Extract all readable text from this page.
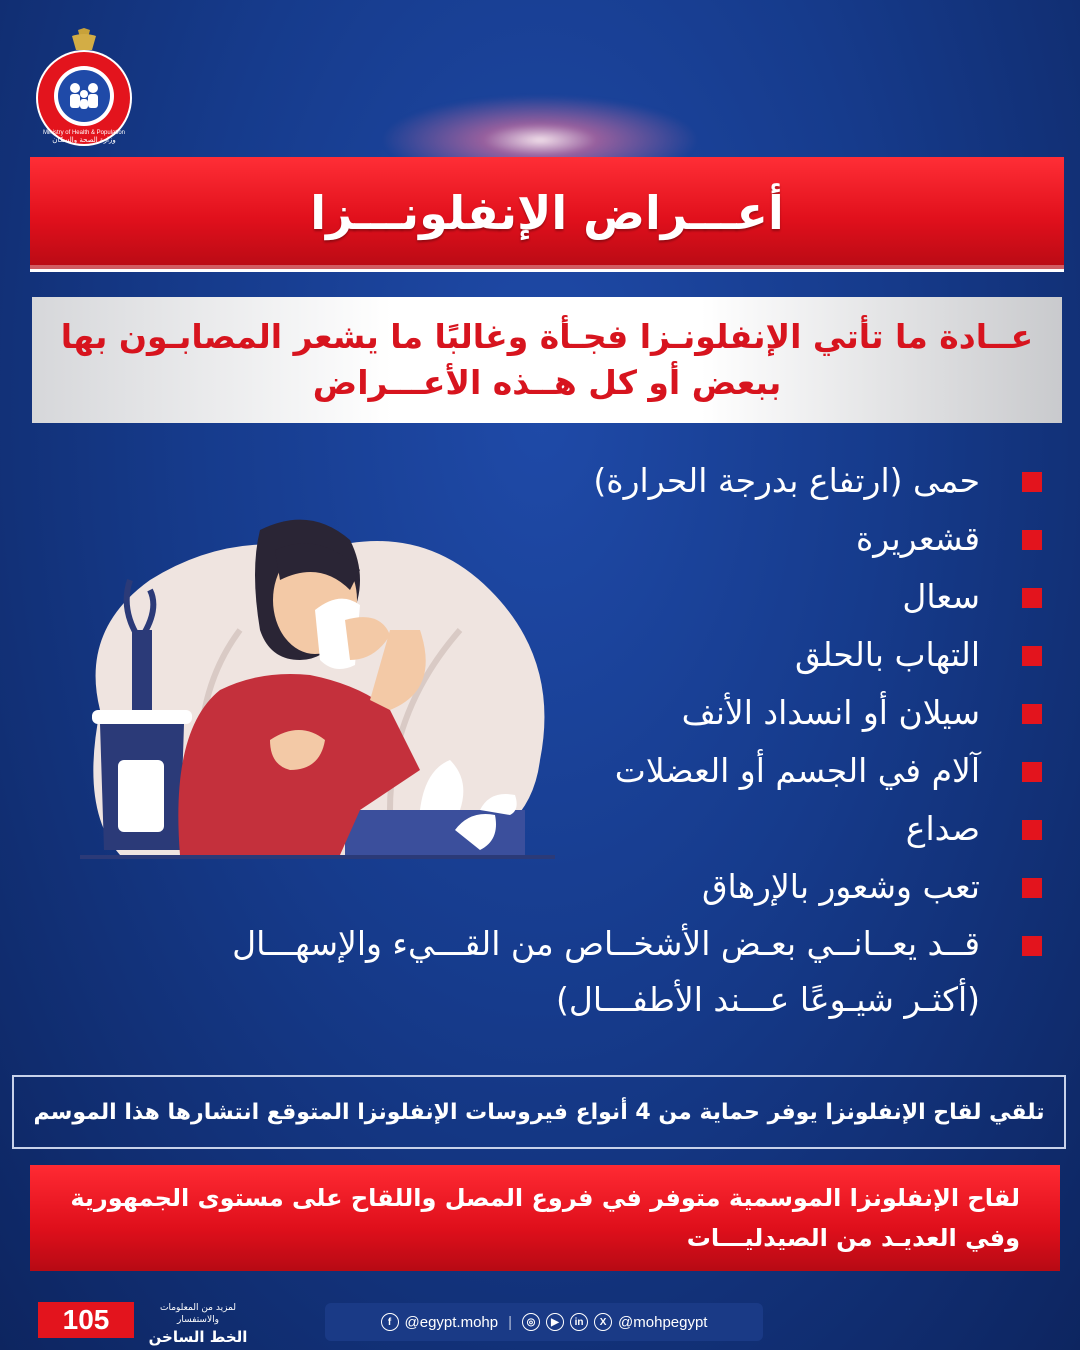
Ministry of Health & Population
وزارة الصحة والسكان
أعـــراض الإنفلونـــزا
عــادة ما تأتي الإنفلونـزا فجـأة وغالبًا ما يشعر المصابـون بها
ببعض أو كل هــذه الأعـــراض
حمى (ارتفاع بدرجة الحرارة)
قشعريرة
سعال
التهاب بالحلق
سيلان أو انسداد الأنف
آلام في الجسم أو العضلات
صداع
تعب وشعور بالإرهاق
قــد يعــانــي بعـض الأشخــاص من القـــيء والإسهـــال
(أكثـر شيـوعًا عـــند الأطفـــال)
تلقي لقاح الإنفلونزا يوفر حماية من 4 أنواع فيروسات الإنفلونزا المتوقع انتشارها هذا الموسم
لقاح الإنفلونزا الموسمية متوفر في فروع المصل واللقاح على مستوى الجمهورية
وفي العديـد من الصيدليـــات
105	لمزيد من المعلومات والاستفسار
الخط الساخن
f @egypt.mohp |	◎	▶	in	X @mohpegypt
